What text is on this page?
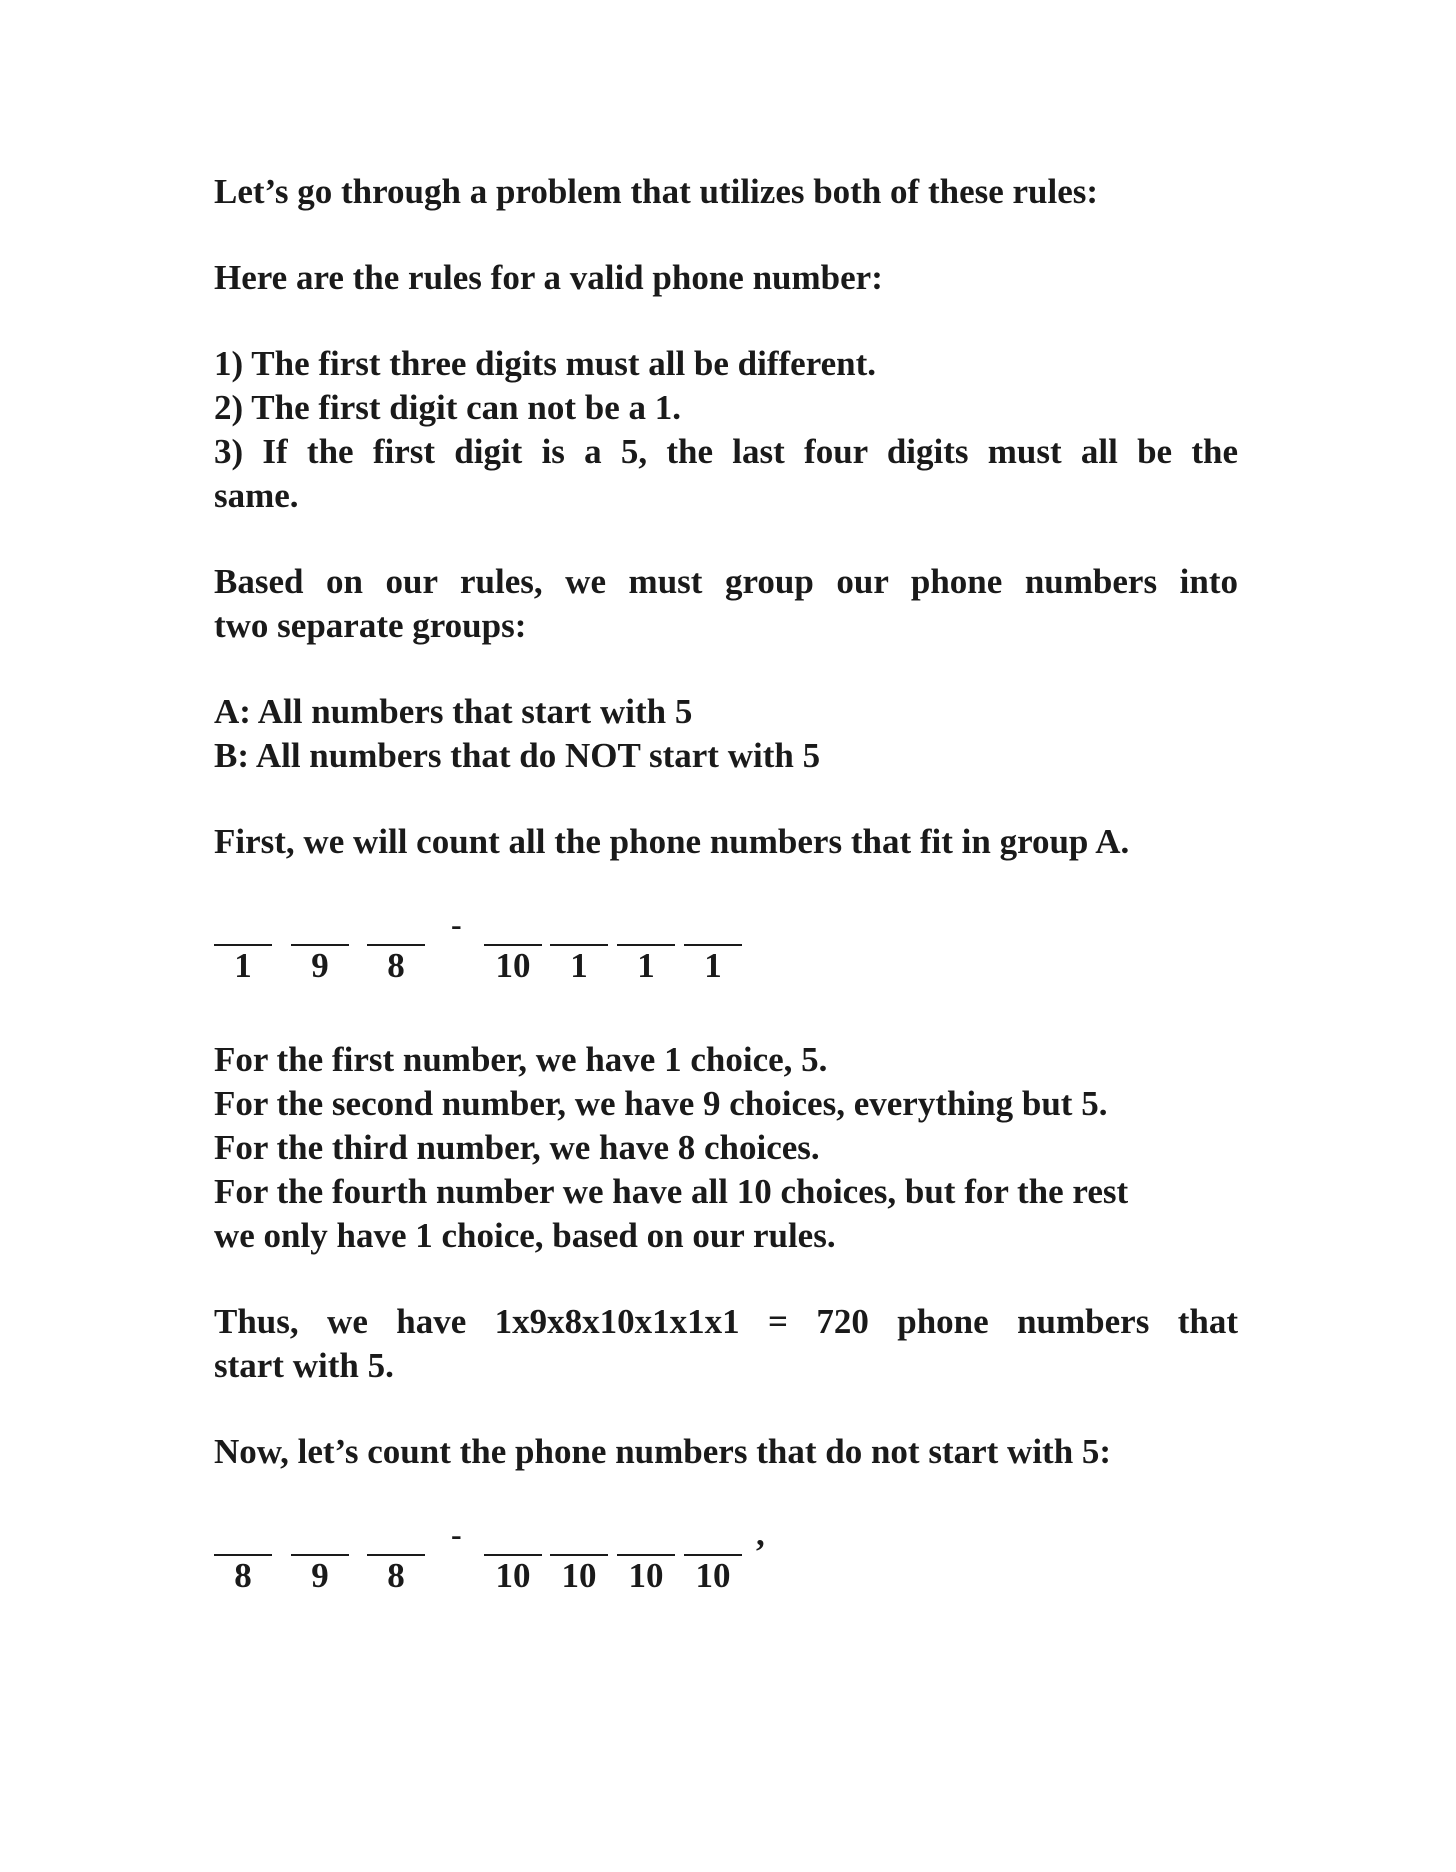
Let’s go through a problem that utilizes both of these rules:
Here are the rules for a valid phone number:
1) The first three digits must all be different.
2) The first digit can not be a 1.
3) If the first digit is a 5, the last four digits must all be the
same.
Based on our rules, we must group our phone numbers into
two separate groups:
A: All numbers that start with 5
B: All numbers that do NOT start with 5
First, we will count all the phone numbers that fit in group A.
1	9	8
-
10	1	1	1
For the first number, we have 1 choice, 5.
For the second number, we have 9 choices, everything but 5.
For the third number, we have 8 choices.
For the fourth number we have all 10 choices, but for the rest
we only have 1 choice, based on our rules.
Thus, we have 1x9x8x10x1x1x1 = 720 phone numbers that
start with 5.
Now, let’s count the phone numbers that do not start with 5:
8	9	8
-
10 10 10 10
,
